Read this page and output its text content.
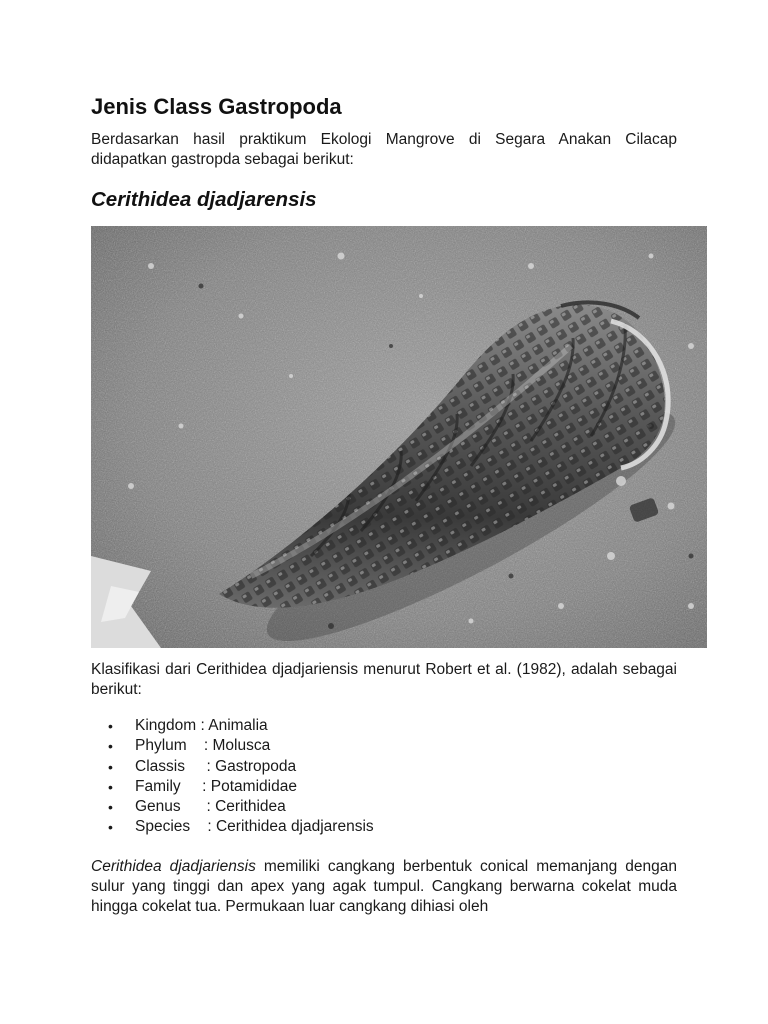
Jenis Class Gastropoda

Berdasarkan hasil praktikum Ekologi Mangrove di Segara Anakan Cilacap didapatkan gastropda sebagai berikut:

Cerithidea djadjarensis

Klasifikasi dari Cerithidea djadjariensis menurut Robert et al. (1982), adalah sebagai berikut:

• Kingdom : Animalia
• Phylum    : Molusca
• Classis     : Gastropoda
• Family     : Potamididae
• Genus      : Cerithidea
• Species    : Cerithidea djadjarensis

Cerithidea djadjariensis memiliki cangkang berbentuk conical memanjang dengan sulur yang tinggi dan apex yang agak tumpul. Cangkang berwarna cokelat muda hingga cokelat tua. Permukaan luar cangkang dihiasi oleh
